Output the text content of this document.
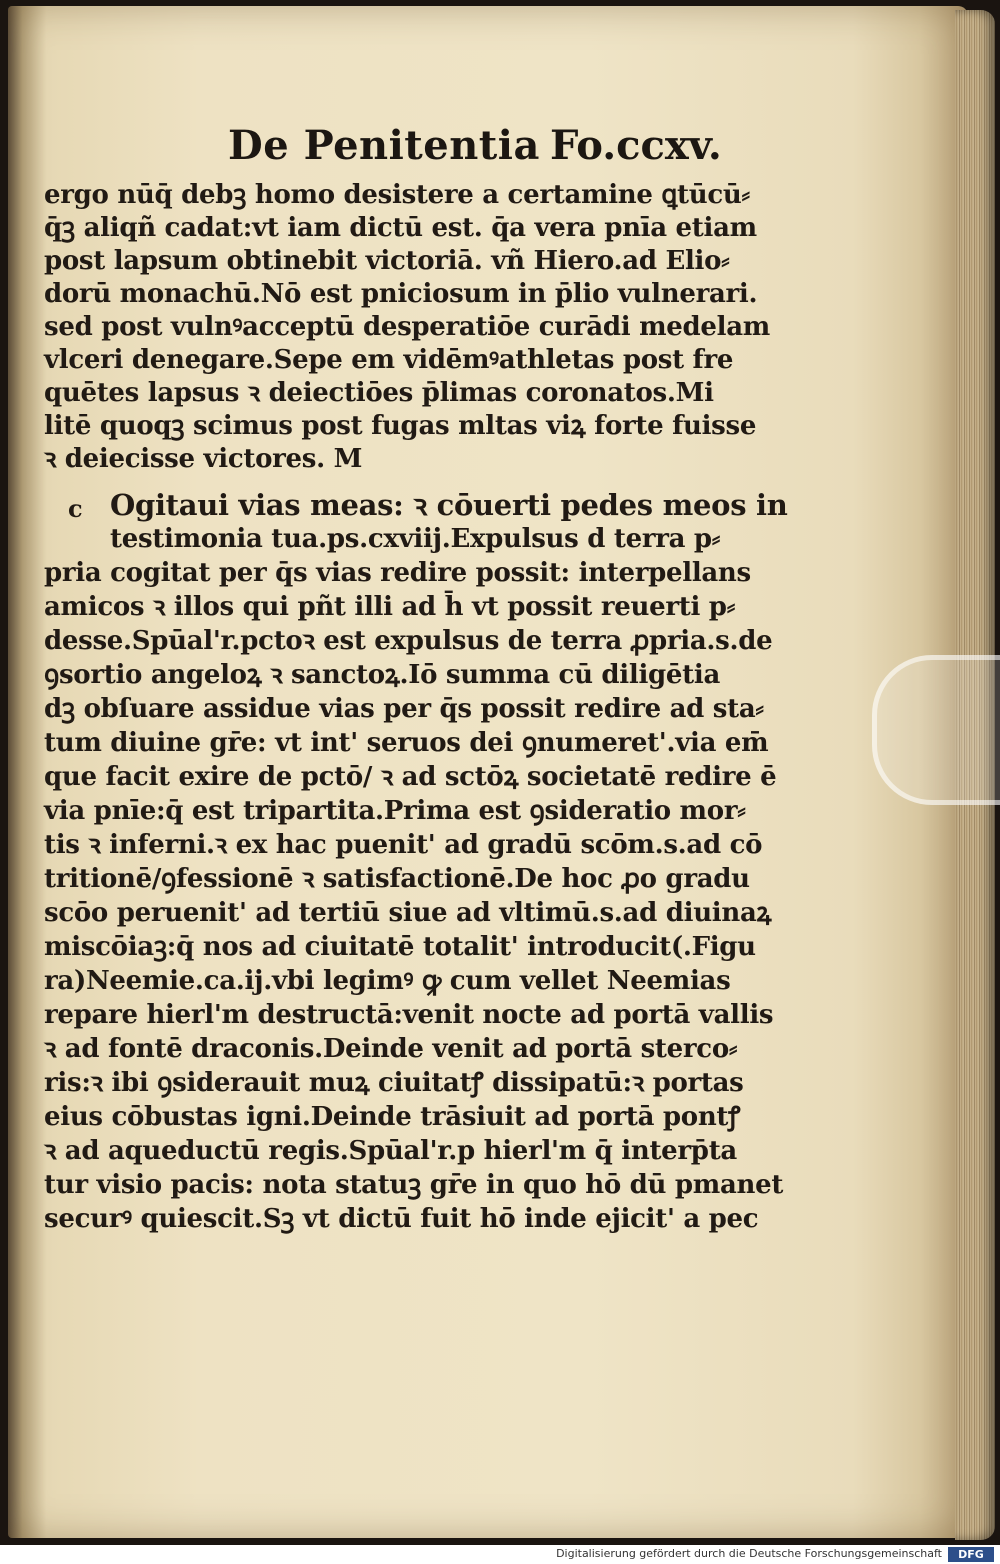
De Penitentia Fo.ccxv.
c
ergo nūq̄ debꝫ homo desistere a certamine ꝗtūcū⸗
q̄ꝫ aliqñ cadat:vt iam dictū est. q̄a vera pnīa etiam
post lapsum obtinebit victoriā. vñ Hiero.ad Elio⸗
dorū monachū.Nō est pniciosum in p̄lio vulnerari.
sed post vulnꝰacceptū desperatiōe curādi medelam
vlceri denegare.Sepe em vidēmꝰathletas post fre
quētes lapsus ꝛ deiectiōes p̄limas coronatos.Mi
litē quoqꝫ scimus post fugas mltas viꝝ forte fuisse
ꝛ deiecisse victores. M
Ogitaui vias meas: ꝛ cōuerti pedes meos in
testimonia tua.ps.cxviij.Expulsus d terra p⸗
pria cogitat per q̄s vias redire possit: interpellans
amicos ꝛ illos qui pñt illi ad h̄ vt possit reuerti p⸗
desse.Spūal'r.pctoꝛ est expulsus de terra ꝓpria.s.de
ꝯsortio angeloꝝ ꝛ sanctoꝝ.Iō summa cū diligētia
dꝫ obſuare assidue vias per q̄s possit redire ad sta⸗
tum diuine gr̄e: vt int' seruos dei ꝯnumeret'.via em̄
que facit exire de pctō/ ꝛ ad sctōꝝ societatē redire ē
via pnīe:q̄ est tripartita.Prima est ꝯsideratio mor⸗
tis ꝛ inferni.ꝛ ex hac puenit' ad gradū scōm.s.ad cō
tritionē/ꝯfessionē ꝛ satisfactionē.De hoc ꝓo gradu
scōo peruenit' ad tertiū siue ad vltimū.s.ad diuinaꝝ
miscōiaꝫ:q̄ nos ad ciuitatē totalit' introducit(.Figu
ra)Neemie.ca.ij.vbi legimꝰ ꝙ cum vellet Neemias
repare hierl'm destructā:venit nocte ad portā vallis
ꝛ ad fontē draconis.Deinde venit ad portā sterco⸗
ris:ꝛ ibi ꝯsiderauit muꝝ ciuitatꝭ dissipatū:ꝛ portas
eius cōbustas igni.Deinde trāsiuit ad portā pontꝭ
ꝛ ad aqueductū regis.Spūal'r.p hierl'm q̄ interp̄ta
tur visio pacis: nota statuꝫ gr̄e in quo hō dū pmanet
securꝰ quiescit.Sꝫ vt dictū fuit hō inde ejicit' a pec
Digitalisierung gefördert durch die Deutsche Forschungsgemeinschaft	DFG
